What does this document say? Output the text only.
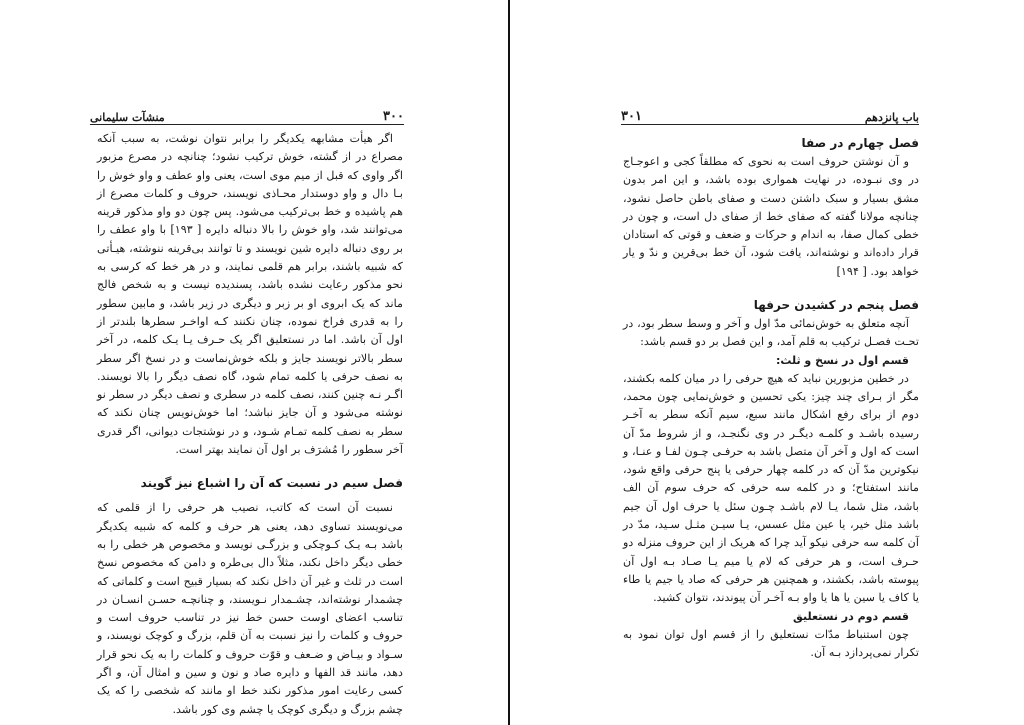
۳۰۰
منشآت سلیمانی

اگر هیأت مشابهه یکدیگر را برابر نتوان نوشت، به سبب آنکه مصراع در از گشته، خوش ترکیب نشود؛ چنانچه در مصرع مزبور اگر واوی که قبل از میم موی است، یعنی واو عطف و واو خوش را بـا دال و واو دوستدار محـاذی نویسند، حروف و کلمات مصرع از هم پاشیده و خط بی‌ترکیب می‌شود. پس چون دو واو مذکور قرینه می‌توانند شد، واو خوش را بالا دنباله دایره [ ۱۹۳] با واو عطف را بر روی دنباله دایره شین نویسند و تا توانند بی‌قرینه ننوشته، هیـأتی که شبیه باشند، برابر هم قلمی نمایند، و در هر خط که کرسی به نحو مذکور رعایت نشده باشد، پسندیده نیست و به شخص فالج ماند که یک ابروی او بر زبر و دیگری در زیر باشد، و مابین سطور را به قدری فراخ نموده، چنان نکنند کـه اواخـر سطرها بلندتر از اول آن باشد. اما در نستعلیق اگر یک حـرف یـا یـک کلمه، در آخر سطر بالاتر نویسند جایز و بلکه خوش‌نماست و در نسخ اگر سطر به نصف حرفی یا کلمه تمام شود، گاه نصف دیگر را بالا نویسند. اگـر نـه چنین کنند، نصف کلمه در سطری و نصف دیگر در سطر نو نوشته می‌شود و آن جایز نباشد؛ اما خوش‌نویس چنان نکند که سطر به نصف کلمه تمـام شـود، و در نوشتجات دیوانی، اگر قدری آخر سطور را مُشرَف بر اول آن نمایند بهتر است.

فصل سیم در نسبت که آن را اشباع نیز گویند

نسبت آن است که کاتب، نصیب هر حرفی را از قلمی که می‌نویسند تساوی دهد، یعنی هر حرف و کلمه که شبیه یکدیگر باشد بـه یـک کـوچکی و بزرگـی نویسد و مخصوص هر خطی را به خطی دیگر داخل نکند، مثلاً دال بی‌طره و دامن که مخصوص نسخ است در ثلث و غیر آن داخل نکند که بسیار قبیح است و کلماتی که چشمدار نوشته‌اند، چشـمدار نـویسند، و چنانچـه حسـن انسـان در تناسب اعضای اوست حسن خط نیز در تناسب حروف است و حروف و کلمات را نیز نسبت به آن قلم، بزرگ و کوچک نویسند، و سـواد و بیـاض و ضـعف و قوّت حروف و کلمات را به یک نحو قرار دهد، مانند قد الفها و دایره صاد و نون و سین و امثال آن، و اگر کسی رعایت امور مذکور نکند خط او مانند که شخصی را که یک چشم بزرگ و دیگری کوچک یا چشم وی کور باشد.

باب پانزدهم
۳۰۱
فصل چهارم در صفا

و آن نوشتن حروف است به نحوی که مطلقاً کجی و اعوجـاج در وی نبـوده، در نهایت همواری بوده باشد، و این امر بدون مشق بسیار و سبک داشتن دست و صفای باطن حاصل نشود، چنانچه مولانا گفته که صفای خط از صفای دل است، و چون در خطی کمال صفا، به اندام و حرکات و ضعف و قوتی که استادان قرار داده‌اند و نوشته‌اند، یافت شود، آن خط بی‌قرین و ندّ و یار خواهد بود. [ ۱۹۴]

فصل پنجم در کشیدن حرفها

آنچه متعلق به خوش‌نمائی مدّ اول و آخر و وسط سطر بود، در تحـت فصـل ترکیب به قلم آمد، و این فصل بر دو قسم باشد:

قسم اول در نسخ و ثلث:

در خطین مزبورین نباید که هیچ حرفی را در میان کلمه بکشند، مگر از بـرای چند چیز: یکی تحسین و خوش‌نمایی چون محمد، دوم از برای رفع اشکال مانند سبع، سیم آنکه سطر به آخـر رسیده باشـد و کلمـه دیگـر در وی نگنجـد، و از شروط مدّ آن است که اول و آخر آن متصل باشد به حرفـی چـون لفـا و عنـا، و نیکوترین مدّ آن که در کلمه چهار حرفی یا پنج حرفی واقع شود، مانند استفتاح؛ و در کلمه سه حرفی که حرف سوم آن الف باشد، مثل شما، یـا لام باشـد چـون سئل یا حرف اول آن جیم باشد مثل خیر، یا عین مثل عسس، یـا سیـن مثـل سـید، مدّ در آن کلمه سه حرفی نیکو آید چرا که هریک از این حروف منزله دو حـرف است، و هر حرفی که لام یا میم یـا صـاد بـه اول آن پیوسته باشد، بکشند، و همچنین هر حرفی که صاد یا جیم یا طاء یا کاف یا سین یا ها یا واو بـه آخـر آن پیوندند، نتوان کشید.

قسم دوم در نستعلیق

چون استنباط مدّات نستعلیق را از قسم اول توان نمود به تکرار نمی‌پردازد بـه آن.
